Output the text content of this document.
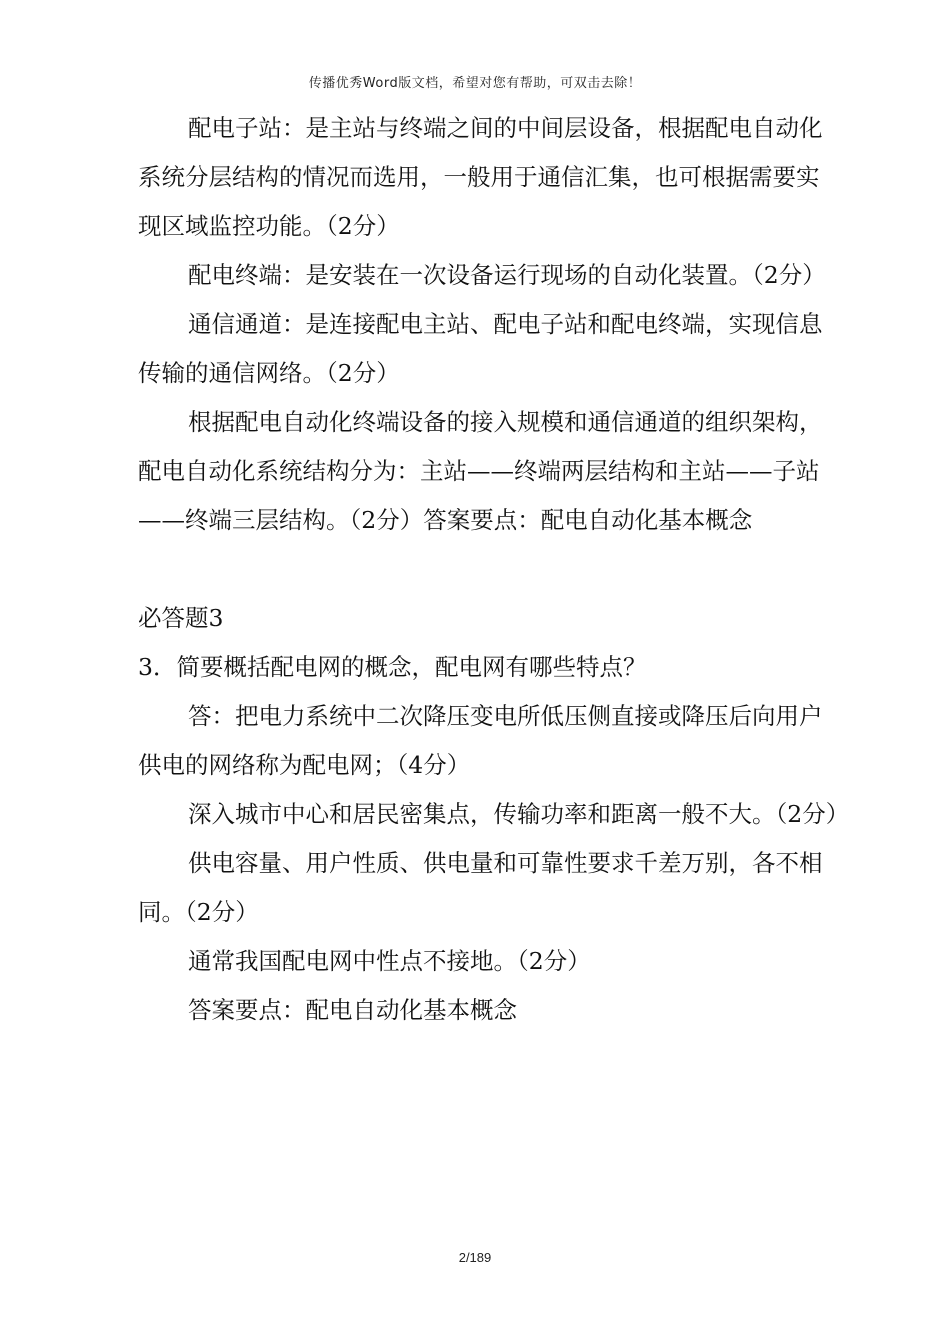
传播优秀Word版文档，希望对您有帮助，可双击去除！

配电子站：是主站与终端之间的中间层设备，根据配电自动化系统分层结构的情况而选用，一般用于通信汇集，也可根据需要实现区域监控功能。（2分）

配电终端：是安装在一次设备运行现场的自动化装置。（2分）

通信通道：是连接配电主站、配电子站和配电终端，实现信息传输的通信网络。（2分）

根据配电自动化终端设备的接入规模和通信通道的组织架构，配电自动化系统结构分为：主站——终端两层结构和主站——子站——终端三层结构。（2分）答案要点：配电自动化基本概念

必答题3

3．简要概括配电网的概念，配电网有哪些特点？

答：把电力系统中二次降压变电所低压侧直接或降压后向用户供电的网络称为配电网；（4分）

深入城市中心和居民密集点，传输功率和距离一般不大。（2分）

供电容量、用户性质、供电量和可靠性要求千差万别，各不相同。（2分）

通常我国配电网中性点不接地。（2分）

答案要点：配电自动化基本概念

2/189
